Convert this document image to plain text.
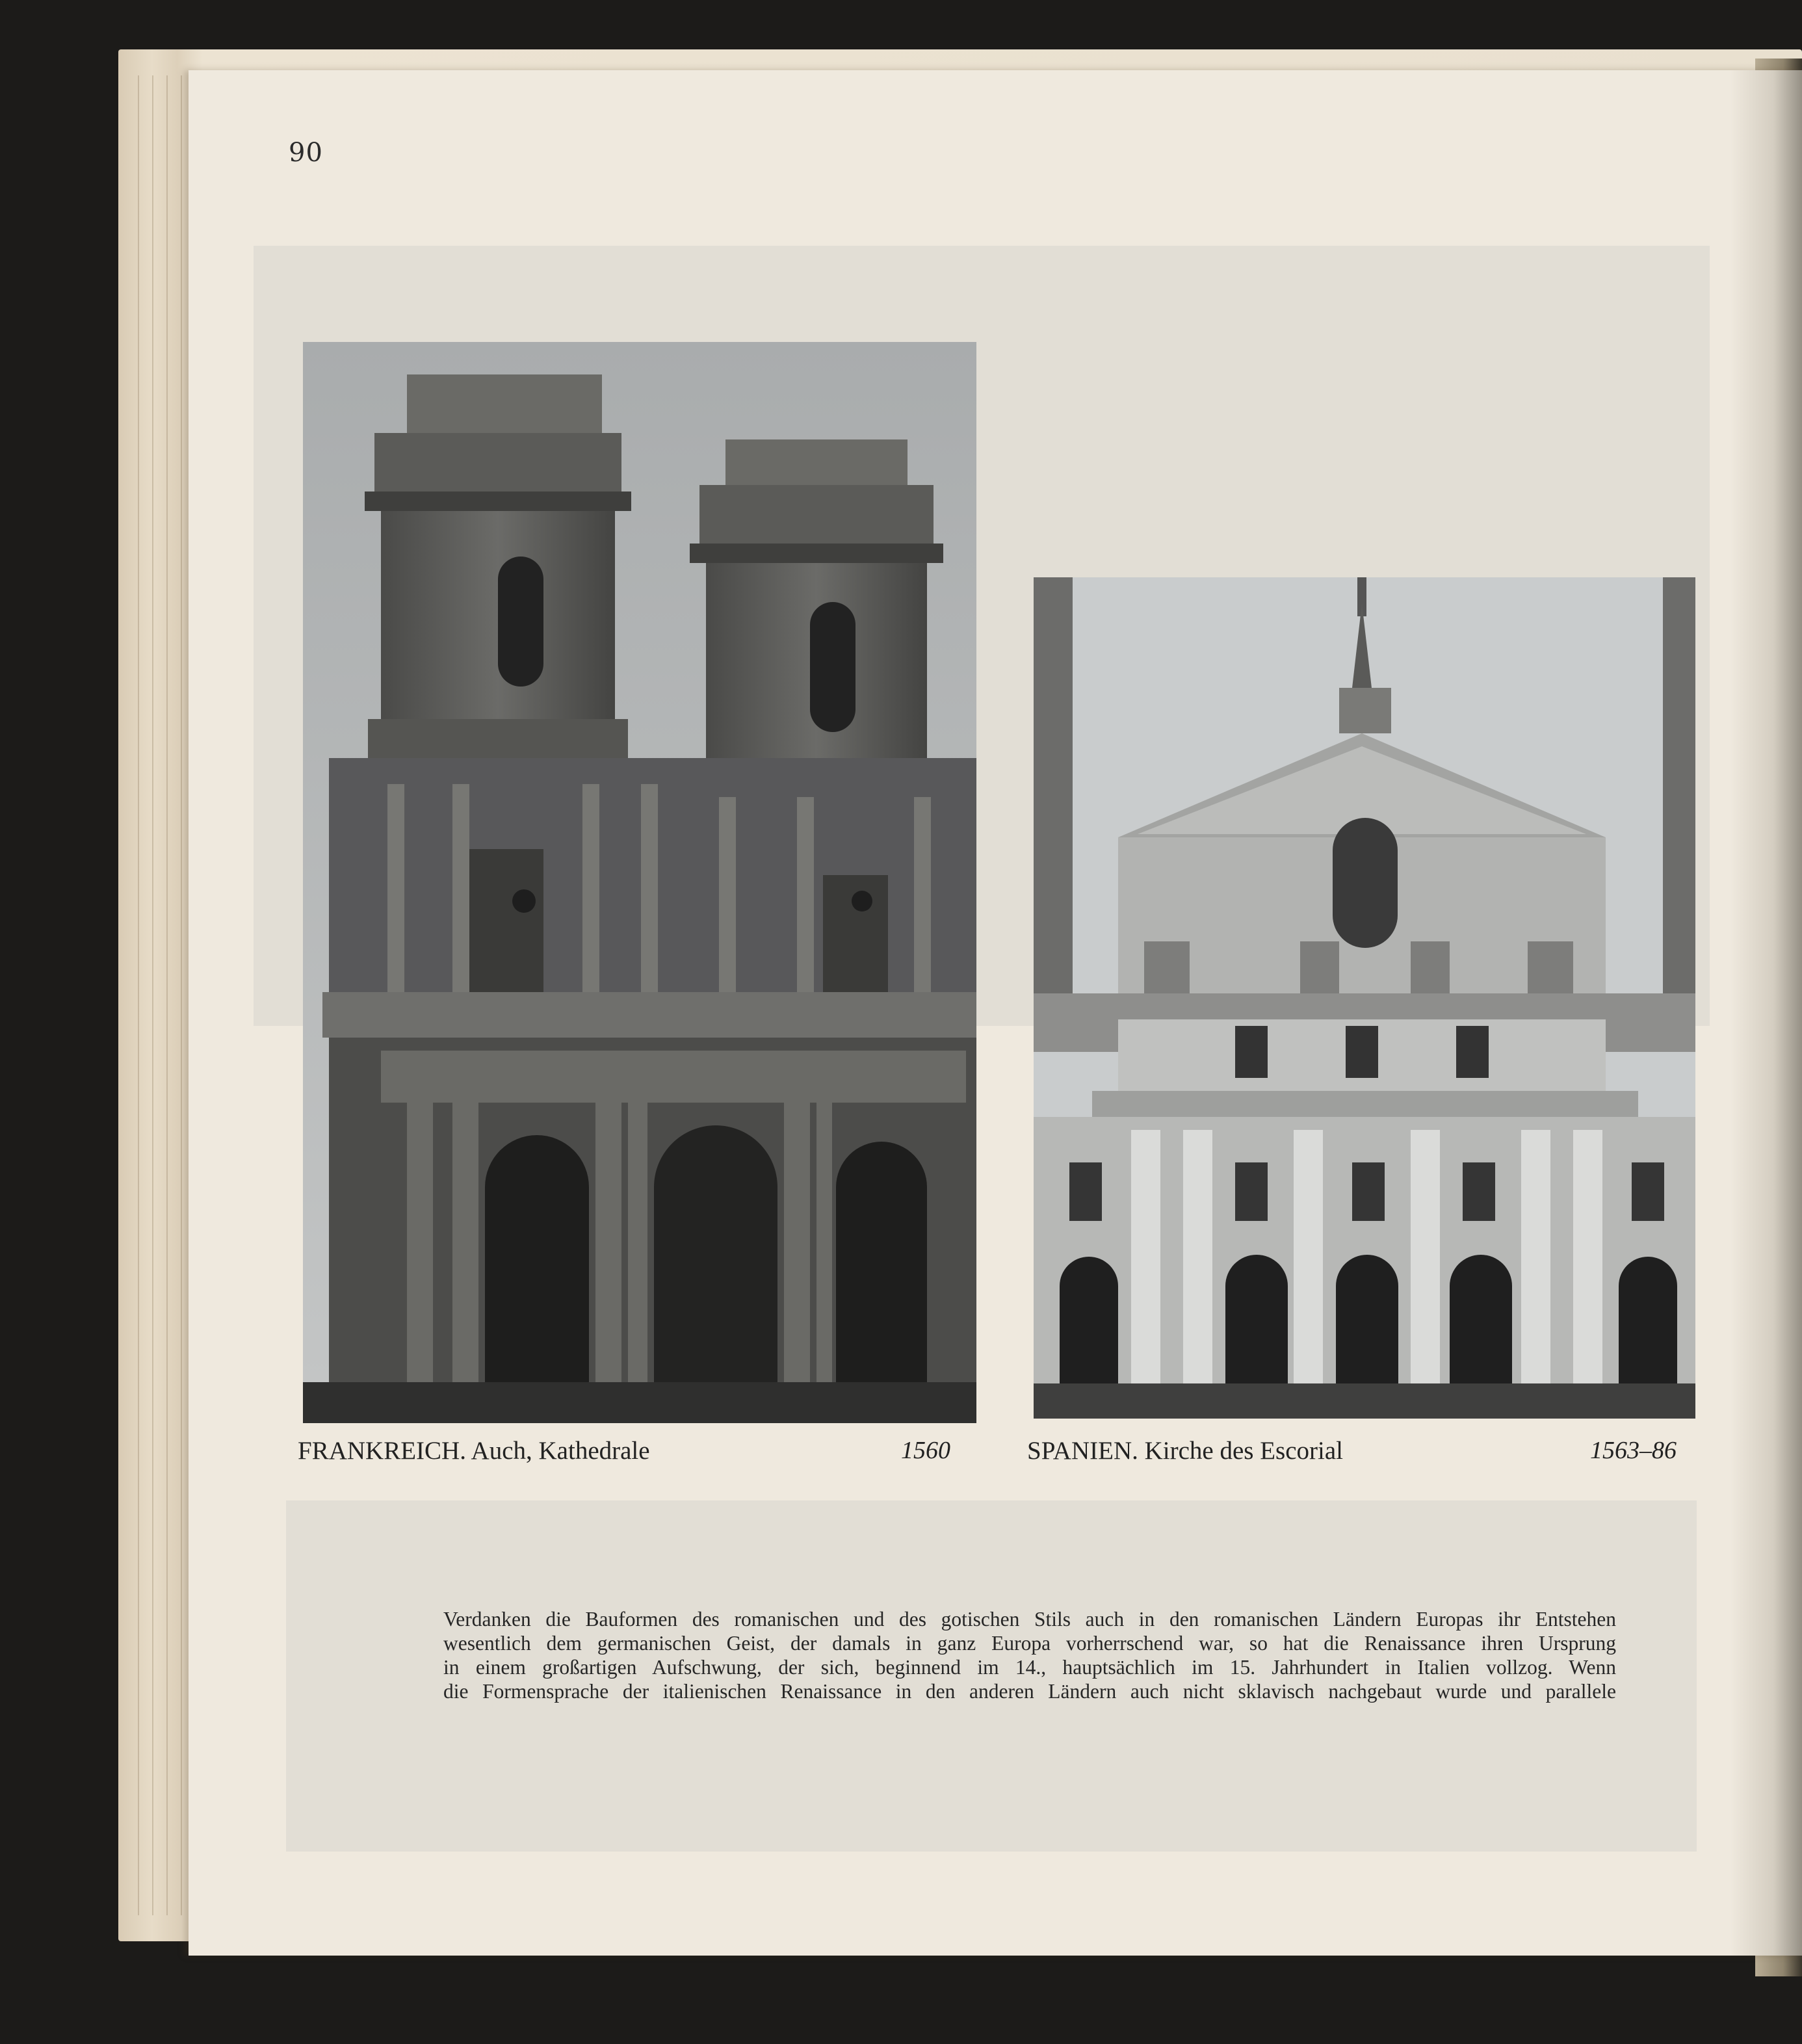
90
FRANKREICH. Auch, Kathedrale	1560	SPANIEN. Kirche des Escorial	1563–86
Verdanken die Bauformen des romanischen und des gotischen Stils auch in den romanischen Ländern Europas ihr Entstehen
wesentlich dem germanischen Geist, der damals in ganz Europa vorherrschend war, so hat die Renaissance ihren Ursprung
in einem großartigen Aufschwung, der sich, beginnend im 14., hauptsächlich im 15. Jahrhundert in Italien vollzog. Wenn
die Formensprache der italienischen Renaissance in den anderen Ländern auch nicht sklavisch nachgebaut wurde und parallele
